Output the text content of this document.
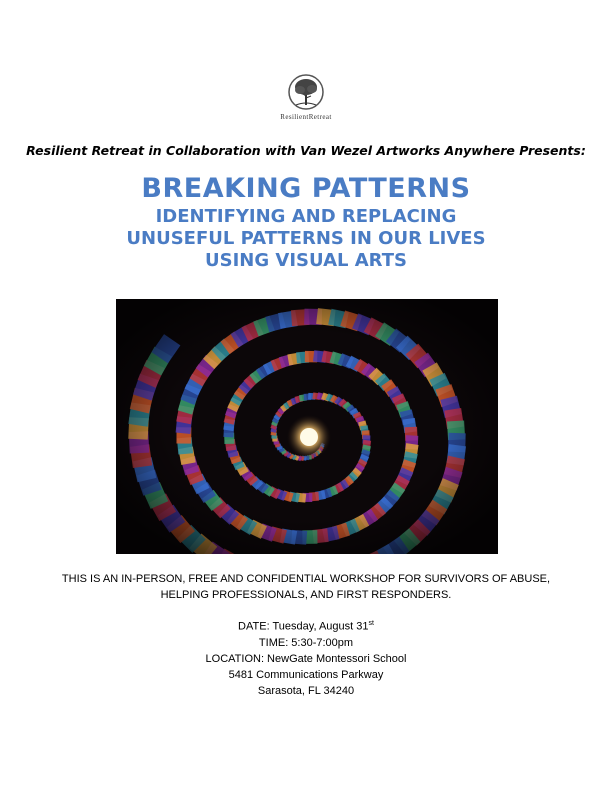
ResilientRetreat
Resilient Retreat in Collaboration with Van Wezel Artworks Anywhere Presents:
BREAKING PATTERNS
IDENTIFYING AND REPLACING
UNUSEFUL PATTERNS IN OUR LIVES
USING VISUAL ARTS
THIS IS AN IN-PERSON, FREE AND CONFIDENTIAL WORKSHOP FOR SURVIVORS OF ABUSE,
HELPING PROFESSIONALS, AND FIRST RESPONDERS.
DATE: Tuesday, August 31st
TIME: 5:30-7:00pm
LOCATION: NewGate Montessori School
5481 Communications Parkway
Sarasota, FL 34240
